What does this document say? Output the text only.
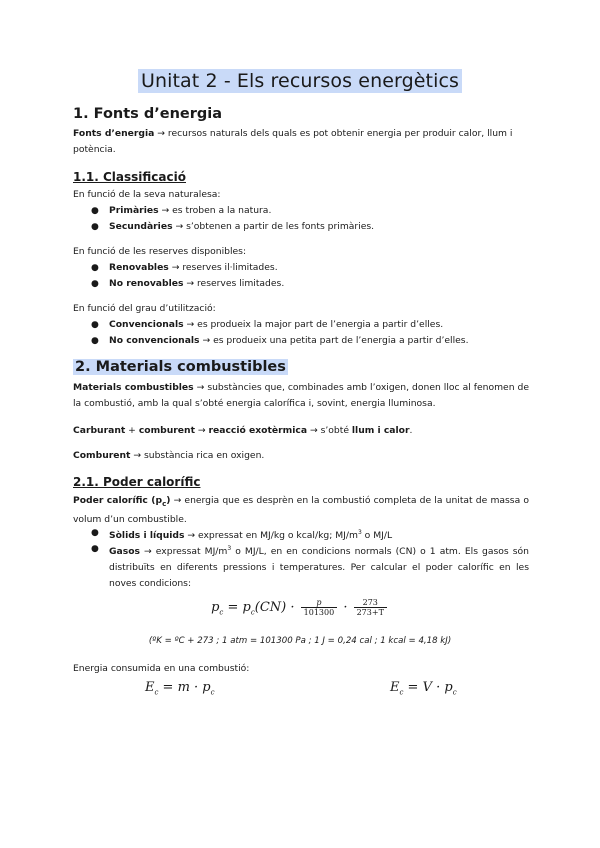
Unitat 2 - Els recursos energètics
1. Fonts d’energia
Fonts d’energia → recursos naturals dels quals es pot obtenir energia per produir calor, llum i potència.
1.1. Classificació
En funció de la seva naturalesa:
● Primàries → es troben a la natura.
● Secundàries → s’obtenen a partir de les fonts primàries.
En funció de les reserves disponibles:
● Renovables → reserves il·limitades.
● No renovables → reserves limitades.
En funció del grau d’utilització:
● Convencionals → es produeix la major part de l’energia a partir d’elles.
● No convencionals → es produeix una petita part de l’energia a partir d’elles.
2. Materials combustibles
Materials combustibles → substàncies que, combinades amb l’oxigen, donen lloc al fenomen de la combustió, amb la qual s’obté energia calorífica i, sovint, energia lluminosa.
Carburant + comburent → reacció exotèrmica → s’obté llum i calor.
Comburent → substància rica en oxigen.
2.1. Poder calorífic
Poder calorífic $(p_c)$ → energia que es desprèn en la combustió completa de la unitat de massa o volum d’un combustible.
● Sòlids i líquids → expressat en MJ/kg o kcal/kg; $MJ/m^3$ o MJ/L
● Gasos → expressat $MJ/m^3$ o MJ/L, en en condicions normals (CN) o 1 atm. Els gasos són distribuïts en diferents pressions i temperatures. Per calcular el poder calorífic en les noves condicions:
$p_c = p_c(CN) \cdot \frac{p}{101300} \cdot \frac{273}{273+T}$
(ºK = ºC + 273 ; 1 atm = 101300 Pa ; 1 J = 0,24 cal ; 1 kcal = 4,18 kJ)
Energia consumida en una combustió:
$E_c = m \cdot p_c$	$E_c = V \cdot p_c$
